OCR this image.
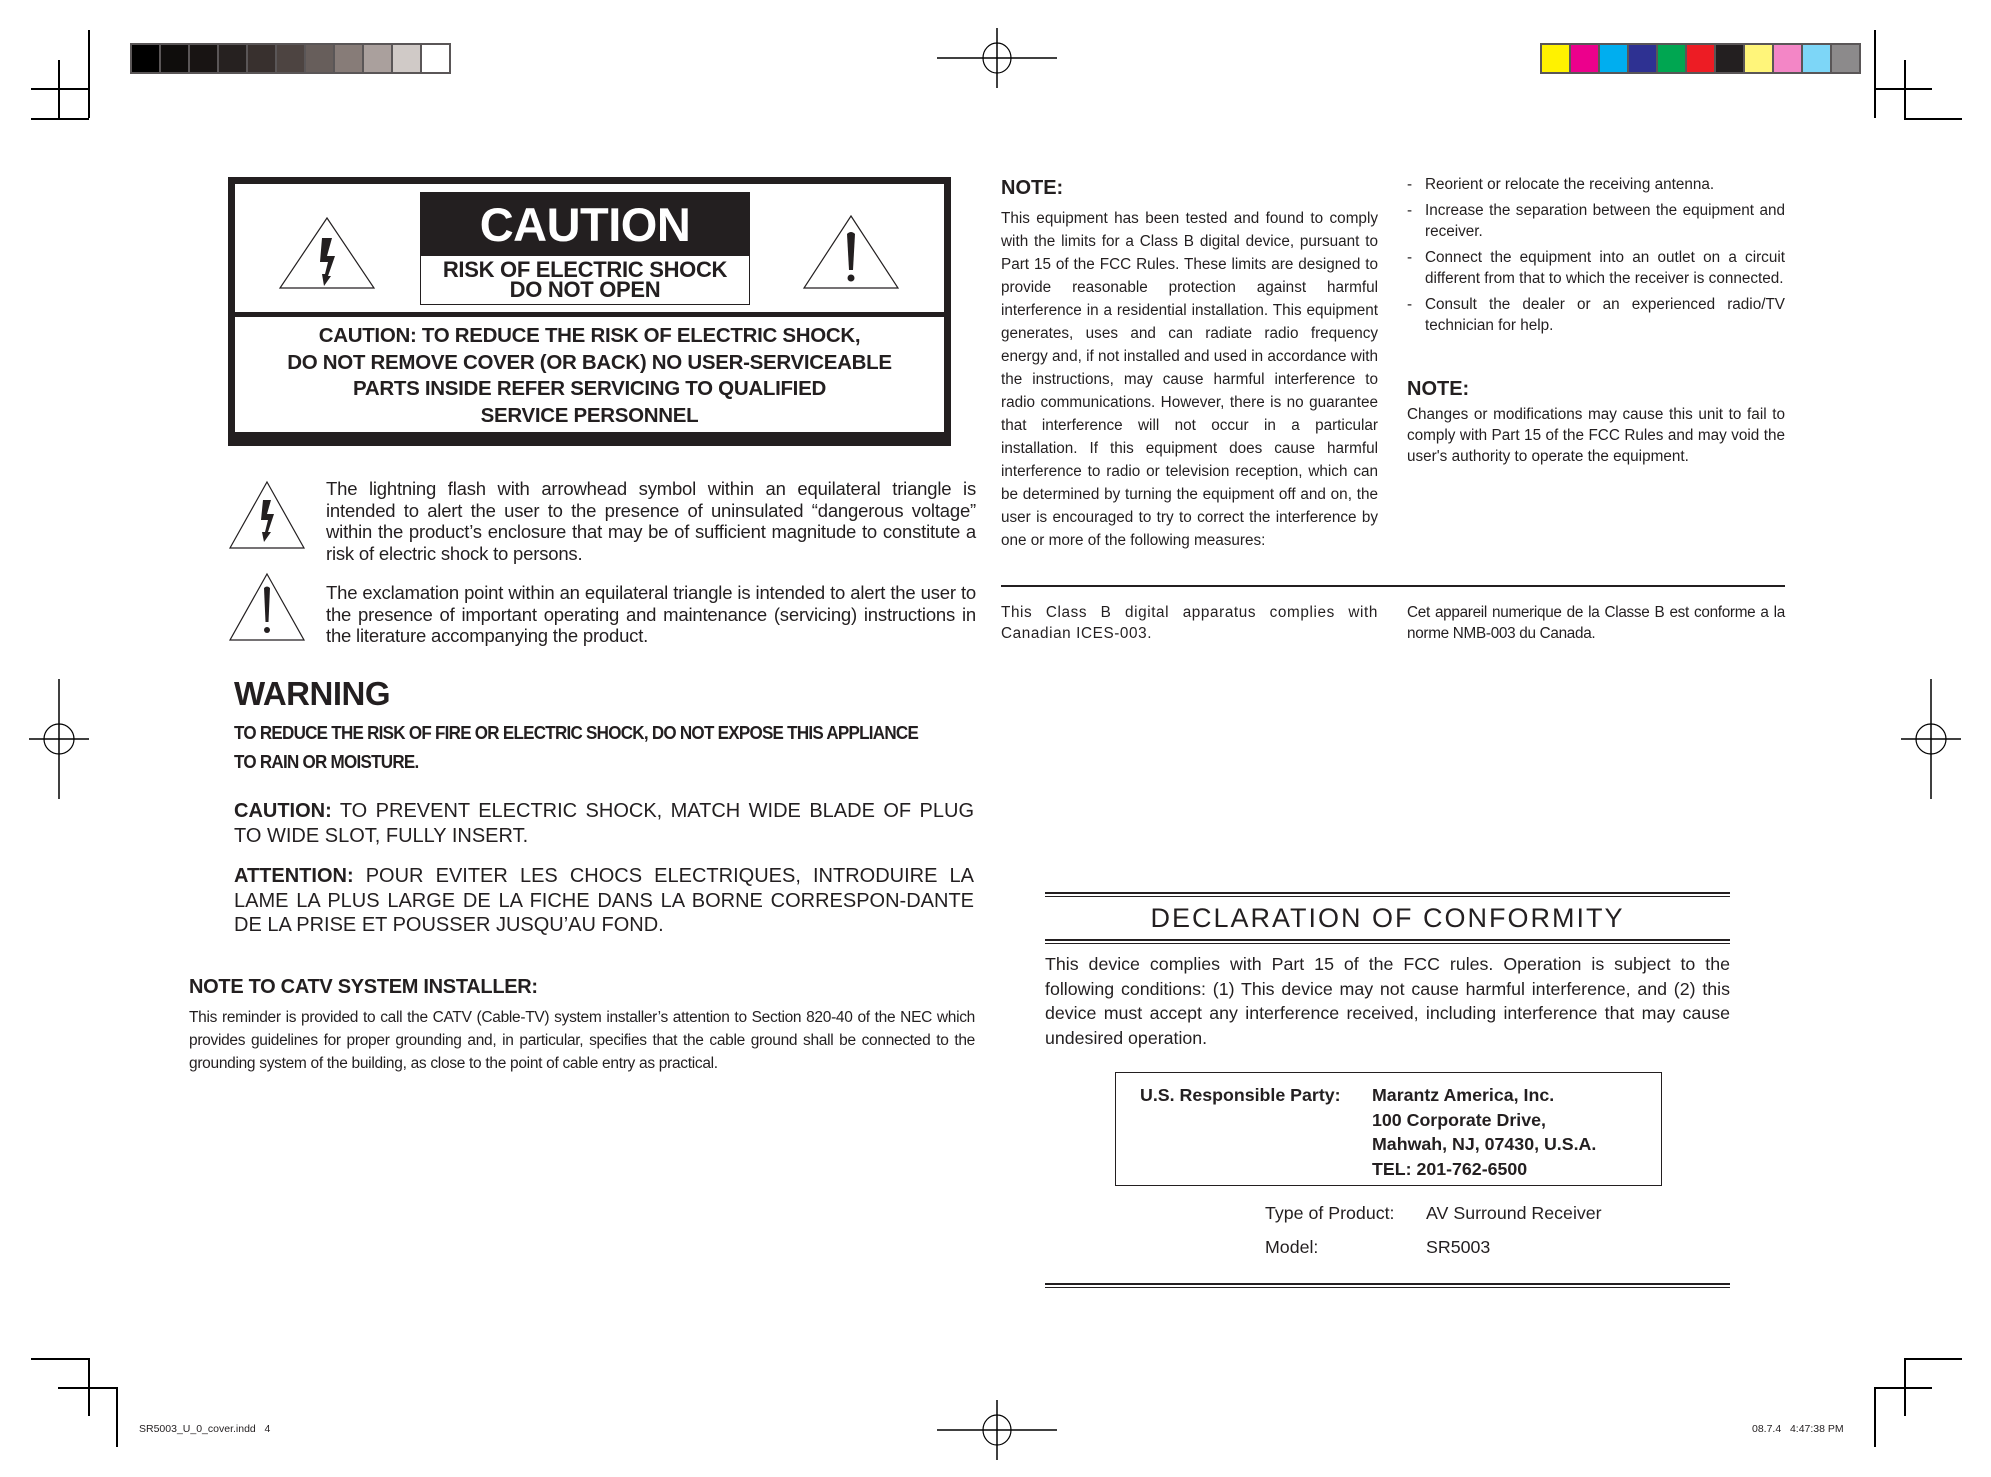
SR5003_U_0_cover.indd   4	08.7.4   4:47:38 PM
CAUTION
RISK OF ELECTRIC SHOCK
DO NOT OPEN
CAUTION: TO REDUCE THE RISK OF ELECTRIC SHOCK,
DO NOT REMOVE COVER (OR BACK) NO USER-SERVICEABLE
PARTS INSIDE REFER SERVICING TO QUALIFIED
SERVICE PERSONNEL
The lightning flash with arrowhead symbol within an equilateral triangle is intended to alert the user to the presence of uninsulated “dangerous voltage” within the product’s enclosure that may be of sufficient magnitude to constitute a risk of electric shock to persons.
The exclamation point within an equilateral triangle is intended to alert the user to the presence of important operating and maintenance (servicing) instructions in the literature accompanying the product.
WARNING
TO REDUCE THE RISK OF FIRE OR ELECTRIC SHOCK, DO NOT EXPOSE THIS APPLIANCE
TO RAIN OR MOISTURE.
CAUTION: TO PREVENT ELECTRIC SHOCK, MATCH WIDE BLADE OF PLUG TO WIDE SLOT, FULLY INSERT.
ATTENTION: POUR EVITER LES CHOCS ELECTRIQUES, INTRODUIRE LA LAME LA PLUS LARGE DE LA FICHE DANS LA BORNE CORRESPON-DANTE DE LA PRISE ET POUSSER JUSQU’AU FOND.
NOTE TO CATV SYSTEM INSTALLER:
This reminder is provided to call the CATV (Cable-TV) system installer’s attention to Section 820-40 of the NEC which provides guidelines for proper grounding and, in particular, specifies that the cable ground shall be connected to the grounding system of the building, as close to the point of cable entry as practical.
NOTE:
This equipment has been tested and found to comply with the limits for a Class B digital device, pursuant to Part 15 of the FCC Rules. These limits are designed to provide reasonable protection against harmful interference in a residential installation. This equipment generates, uses and can radiate radio frequency energy and, if not installed and used in accordance with the instructions, may cause harmful interference to radio communications. However, there is no guarantee that interference will not occur in a particular installation. If this equipment does cause harmful interference to radio or television reception, which can be determined by turning the equipment off and on, the user is encouraged to try to correct the interference by one or more of the following measures:
- Reorient or relocate the receiving antenna.
- Increase the separation between the equipment and receiver.
- Connect the equipment into an outlet on a circuit different from that to which the receiver is connected.
- Consult the dealer or an experienced radio/TV technician for help.
NOTE:
Changes or modifications may cause this unit to fail to comply with Part 15 of the FCC Rules and may void the user's authority to operate the equipment.
This Class B digital apparatus complies with Canadian ICES-003.
Cet appareil numerique de la Classe B est conforme a la norme NMB-003 du Canada.
DECLARATION OF CONFORMITY
This device complies with Part 15 of the FCC rules. Operation is subject to the following conditions: (1) This device may not cause harmful interference, and (2) this device must accept any interference received, including interference that may cause undesired operation.
U.S. Responsible Party: Marantz America, Inc.
100 Corporate Drive,
Mahwah, NJ, 07430, U.S.A.
TEL: 201-762-6500
Type of Product: AV Surround Receiver
Model:	SR5003
